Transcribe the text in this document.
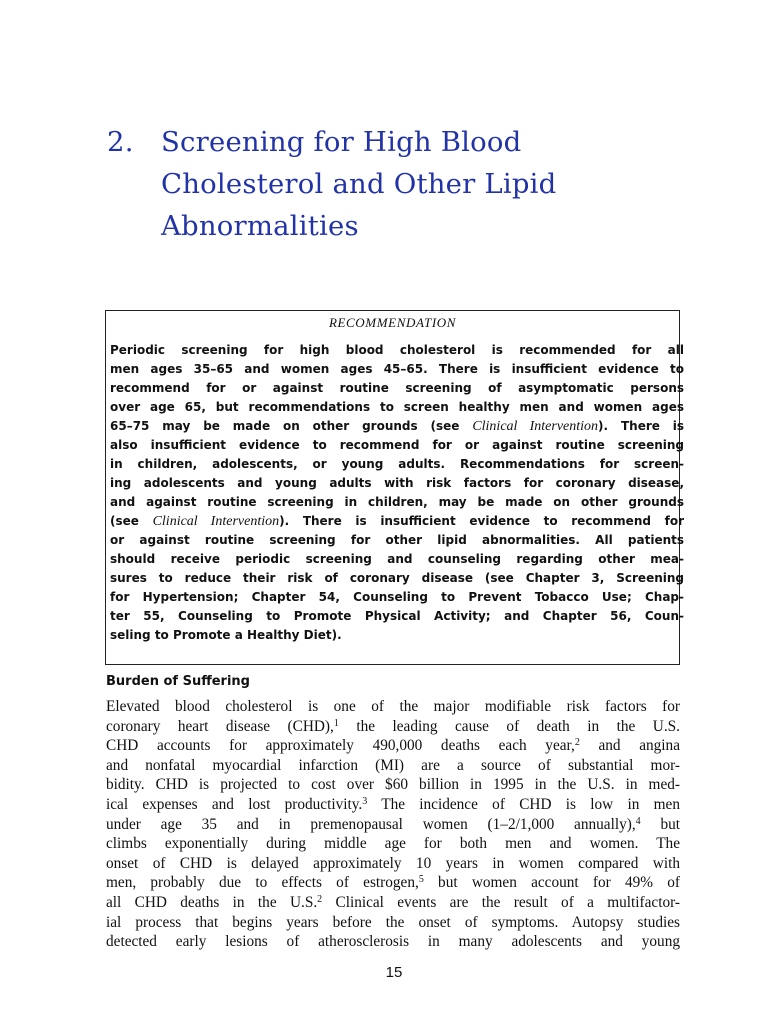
2. Screening for High Blood
Cholesterol and Other Lipid
Abnormalities
RECOMMENDATION
Periodic screening for high blood cholesterol is recommended for all
men ages 35–65 and women ages 45–65. There is insufficient evidence to
recommend for or against routine screening of asymptomatic persons
over age 65, but recommendations to screen healthy men and women ages
65–75 may be made on other grounds (see Clinical Intervention). There is
also insufficient evidence to recommend for or against routine screening
in children, adolescents, or young adults. Recommendations for screen-
ing adolescents and young adults with risk factors for coronary disease,
and against routine screening in children, may be made on other grounds
(see Clinical Intervention). There is insufficient evidence to recommend for
or against routine screening for other lipid abnormalities. All patients
should receive periodic screening and counseling regarding other mea-
sures to reduce their risk of coronary disease (see Chapter 3, Screening
for Hypertension; Chapter 54, Counseling to Prevent Tobacco Use; Chap-
ter 55, Counseling to Promote Physical Activity; and Chapter 56, Coun-
seling to Promote a Healthy Diet).
Burden of Suffering
Elevated blood cholesterol is one of the major modifiable risk factors for
coronary heart disease (CHD),$^1$ the leading cause of death in the U.S.
CHD accounts for approximately 490,000 deaths each year,$^2$ and angina
and nonfatal myocardial infarction (MI) are a source of substantial mor-
bidity. CHD is projected to cost over $60 billion in 1995 in the U.S. in med-
ical expenses and lost productivity.$^3$ The incidence of CHD is low in men
under age 35 and in premenopausal women (1–2/1,000 annually),$^4$ but
climbs exponentially during middle age for both men and women. The
onset of CHD is delayed approximately 10 years in women compared with
men, probably due to effects of estrogen,$^5$ but women account for 49% of
all CHD deaths in the U.S.$^2$ Clinical events are the result of a multifactor-
ial process that begins years before the onset of symptoms. Autopsy studies
detected early lesions of atherosclerosis in many adolescents and young
15
